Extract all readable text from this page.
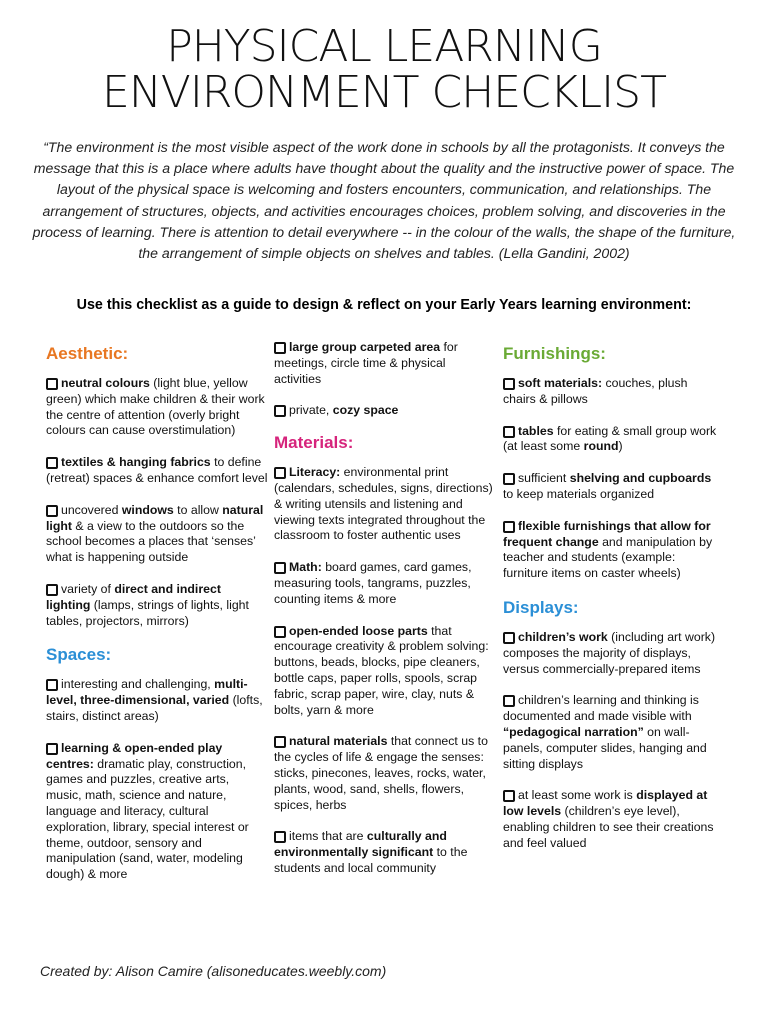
PHYSICAL LEARNING
ENVIRONMENT CHECKLIST
“The environment is the most visible aspect of the work done in schools by all the protagonists. It conveys the message that this is a place where adults have thought about the quality and the instructive power of space. The layout of the physical space is welcoming and fosters encounters, communication, and relationships. The arrangement of structures, objects, and activities encourages choices, problem solving, and discoveries in the process of learning. There is attention to detail everywhere -- in the colour of the walls, the shape of the furniture, the arrangement of simple objects on shelves and tables. (Lella Gandini, 2002)
Use this checklist as a guide to design & reflect on your Early Years learning environment:
Aesthetic:
neutral colours (light blue, yellow green) which make children & their work the centre of attention (overly bright colours can cause overstimulation)
textiles & hanging fabrics to define (retreat) spaces & enhance comfort level
uncovered windows to allow natural light & a view to the outdoors so the school becomes a places that ‘senses’ what is happening outside
variety of direct and indirect lighting (lamps, strings of lights, light tables, projectors, mirrors)
Spaces:
interesting and challenging, multi-level, three-dimensional, varied (lofts, stairs, distinct areas)
learning & open-ended play centres: dramatic play, construction, games and puzzles, creative arts, music, math, science and nature, language and literacy, cultural exploration, library, special interest or theme, outdoor, sensory and manipulation (sand, water, modeling dough) & more
large group carpeted area for meetings, circle time & physical activities
private, cozy space
Materials:
Literacy: environmental print (calendars, schedules, signs, directions) & writing utensils and listening and viewing texts integrated throughout the classroom to foster authentic uses
Math: board games, card games, measuring tools, tangrams, puzzles, counting items & more
open-ended loose parts that encourage creativity & problem solving: buttons, beads, blocks, pipe cleaners, bottle caps, paper rolls, spools, scrap fabric, scrap paper, wire, clay, nuts & bolts, yarn & more
natural materials that connect us to the cycles of life & engage the senses: sticks, pinecones, leaves, rocks, water, plants, wood, sand, shells, flowers, spices, herbs
items that are culturally and environmentally significant to the students and local community
Furnishings:
soft materials: couches, plush chairs & pillows
tables for eating & small group work (at least some round)
sufficient shelving and cupboards to keep materials organized
flexible furnishings that allow for frequent change and manipulation by teacher and students (example: furniture items on caster wheels)
Displays:
children’s work (including art work) composes the majority of displays, versus commercially-prepared items
children’s learning and thinking is documented and made visible with “pedagogical narration” on wall-panels, computer slides, hanging and sitting displays
at least some work is displayed at low levels (children’s eye level), enabling children to see their creations and feel valued
Created by: Alison Camire (alisoneducates.weebly.com)
